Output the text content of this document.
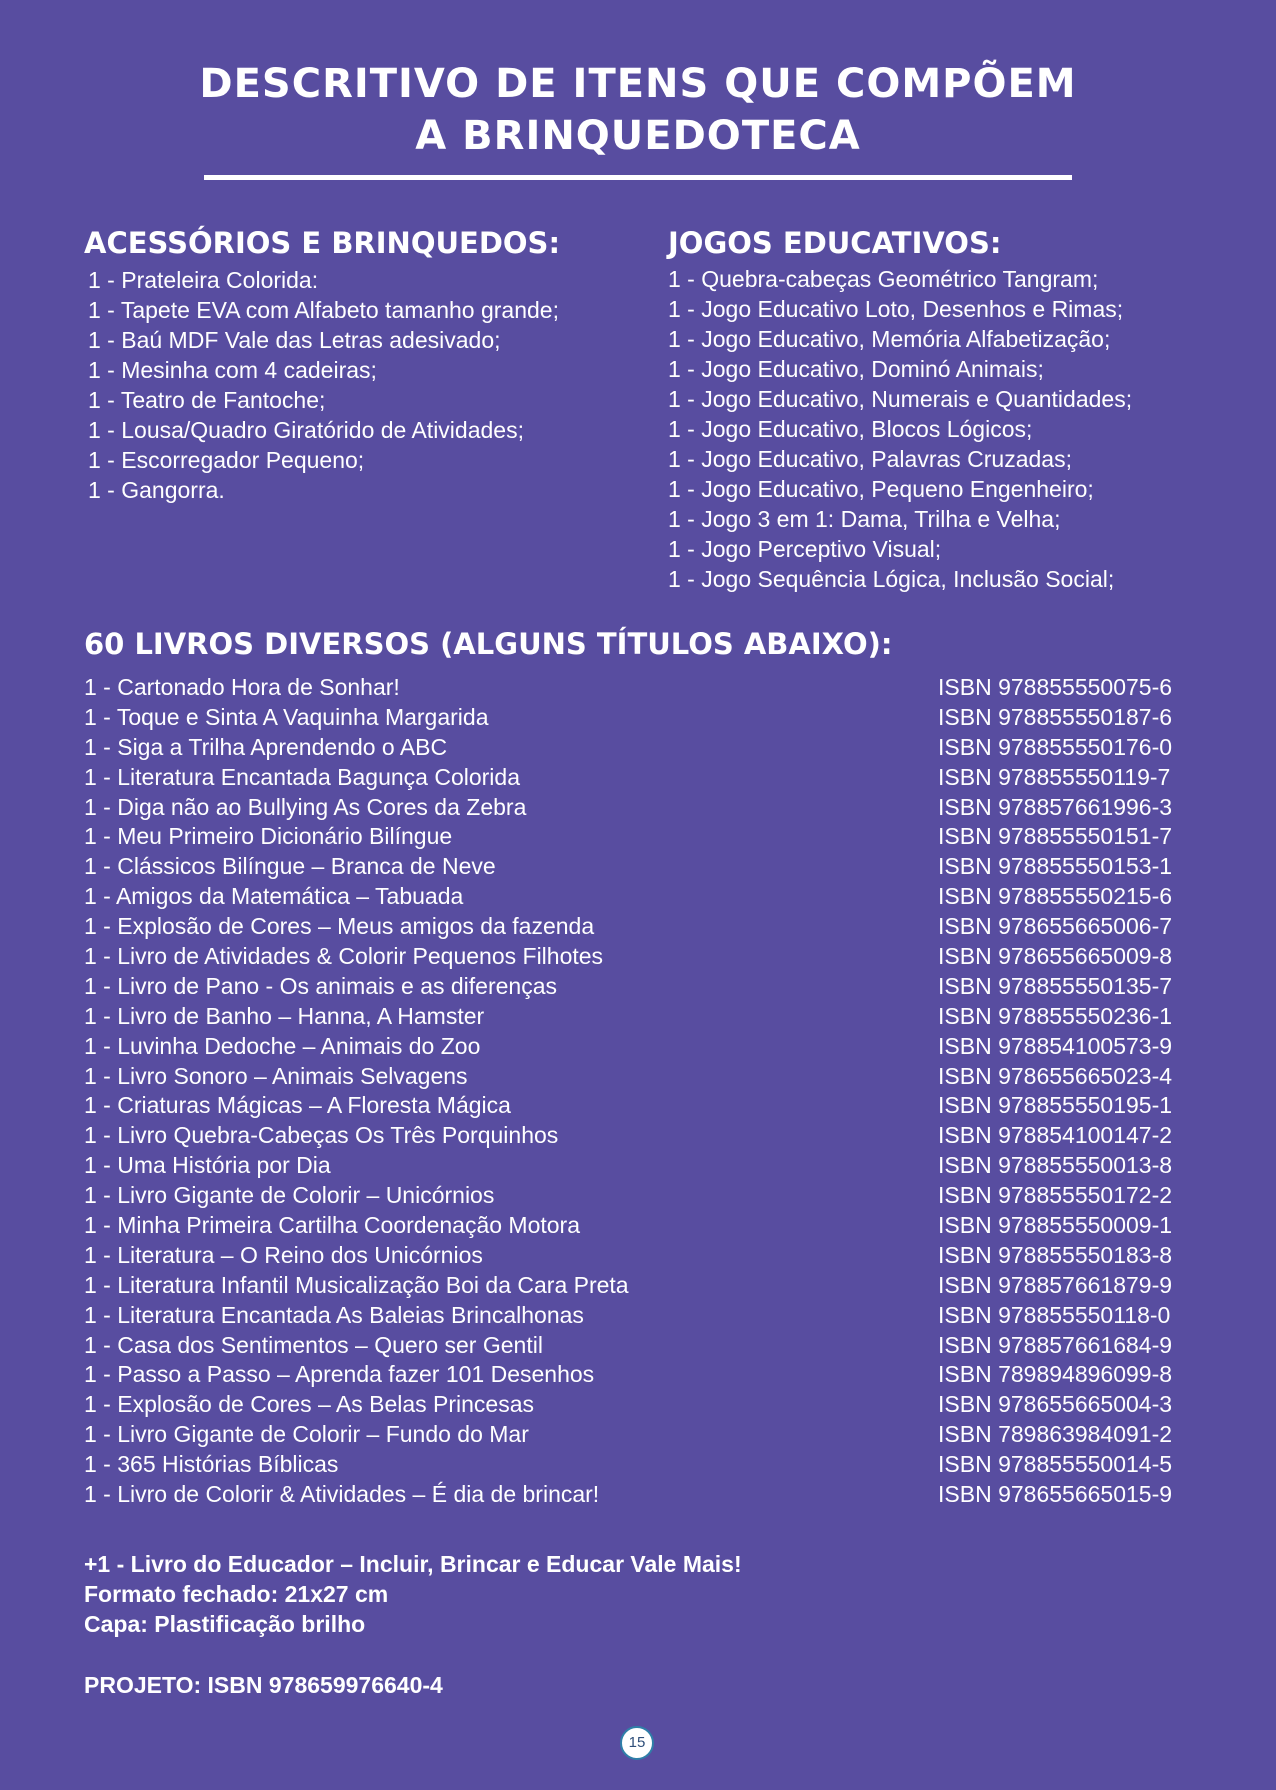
DESCRITIVO DE ITENS QUE COMPÕEM
A BRINQUEDOTECA
ACESSÓRIOS E BRINQUEDOS:
1 - Prateleira Colorida:
1 - Tapete EVA com Alfabeto tamanho grande;
1 - Baú MDF Vale das Letras adesivado;
1 - Mesinha com 4 cadeiras;
1 - Teatro de Fantoche;
1 - Lousa/Quadro Giratórido de Atividades;
1 - Escorregador Pequeno;
1 - Gangorra.
JOGOS EDUCATIVOS:
1 - Quebra-cabeças Geométrico Tangram;
1 - Jogo Educativo Loto, Desenhos e Rimas;
1 - Jogo Educativo, Memória Alfabetização;
1 - Jogo Educativo, Dominó Animais;
1 - Jogo Educativo, Numerais e Quantidades;
1 - Jogo Educativo, Blocos Lógicos;
1 - Jogo Educativo, Palavras Cruzadas;
1 - Jogo Educativo, Pequeno Engenheiro;
1 - Jogo 3 em 1: Dama, Trilha e Velha;
1 - Jogo Perceptivo Visual;
1 - Jogo Sequência Lógica, Inclusão Social;
60 LIVROS DIVERSOS (ALGUNS TÍTULOS ABAIXO):
1 - Cartonado Hora de Sonhar!	ISBN 978855550075-6
1 - Toque e Sinta A Vaquinha Margarida	ISBN 978855550187-6
1 - Siga a Trilha Aprendendo o ABC	ISBN 978855550176-0
1 - Literatura Encantada Bagunça Colorida	ISBN 978855550119-7
1 - Diga não ao Bullying As Cores da Zebra	ISBN 978857661996-3
1 - Meu Primeiro Dicionário Bilíngue	ISBN 978855550151-7
1 - Clássicos Bilíngue – Branca de Neve	ISBN 978855550153-1
1 - Amigos da Matemática – Tabuada	ISBN 978855550215-6
1 - Explosão de Cores – Meus amigos da fazenda	ISBN 978655665006-7
1 - Livro de Atividades & Colorir Pequenos Filhotes	ISBN 978655665009-8
1 - Livro de Pano - Os animais e as diferenças	ISBN 978855550135-7
1 - Livro de Banho – Hanna, A Hamster	ISBN 978855550236-1
1 - Luvinha Dedoche – Animais do Zoo	ISBN 978854100573-9
1 - Livro Sonoro – Animais Selvagens	ISBN 978655665023-4
1 - Criaturas Mágicas – A Floresta Mágica	ISBN 978855550195-1
1 - Livro Quebra-Cabeças Os Três Porquinhos	ISBN 978854100147-2
1 - Uma História por Dia	ISBN 978855550013-8
1 - Livro Gigante de Colorir – Unicórnios	ISBN 978855550172-2
1 - Minha Primeira Cartilha Coordenação Motora	ISBN 978855550009-1
1 - Literatura – O Reino dos Unicórnios	ISBN 978855550183-8
1 - Literatura Infantil Musicalização Boi da Cara Preta	ISBN 978857661879-9
1 - Literatura Encantada As Baleias Brincalhonas	ISBN 978855550118-0
1 - Casa dos Sentimentos – Quero ser Gentil	ISBN 978857661684-9
1 - Passo a Passo – Aprenda fazer 101 Desenhos	ISBN 789894896099-8
1 - Explosão de Cores – As Belas Princesas	ISBN 978655665004-3
1 - Livro Gigante de Colorir – Fundo do Mar	ISBN 789863984091-2
1 - 365 Histórias Bíblicas	ISBN 978855550014-5
1 - Livro de Colorir & Atividades – É dia de brincar!	ISBN 978655665015-9
+1 - Livro do Educador – Incluir, Brincar e Educar Vale Mais!
Formato fechado: 21x27 cm
Capa: Plastificação brilho
PROJETO: ISBN 978659976640-4
15
